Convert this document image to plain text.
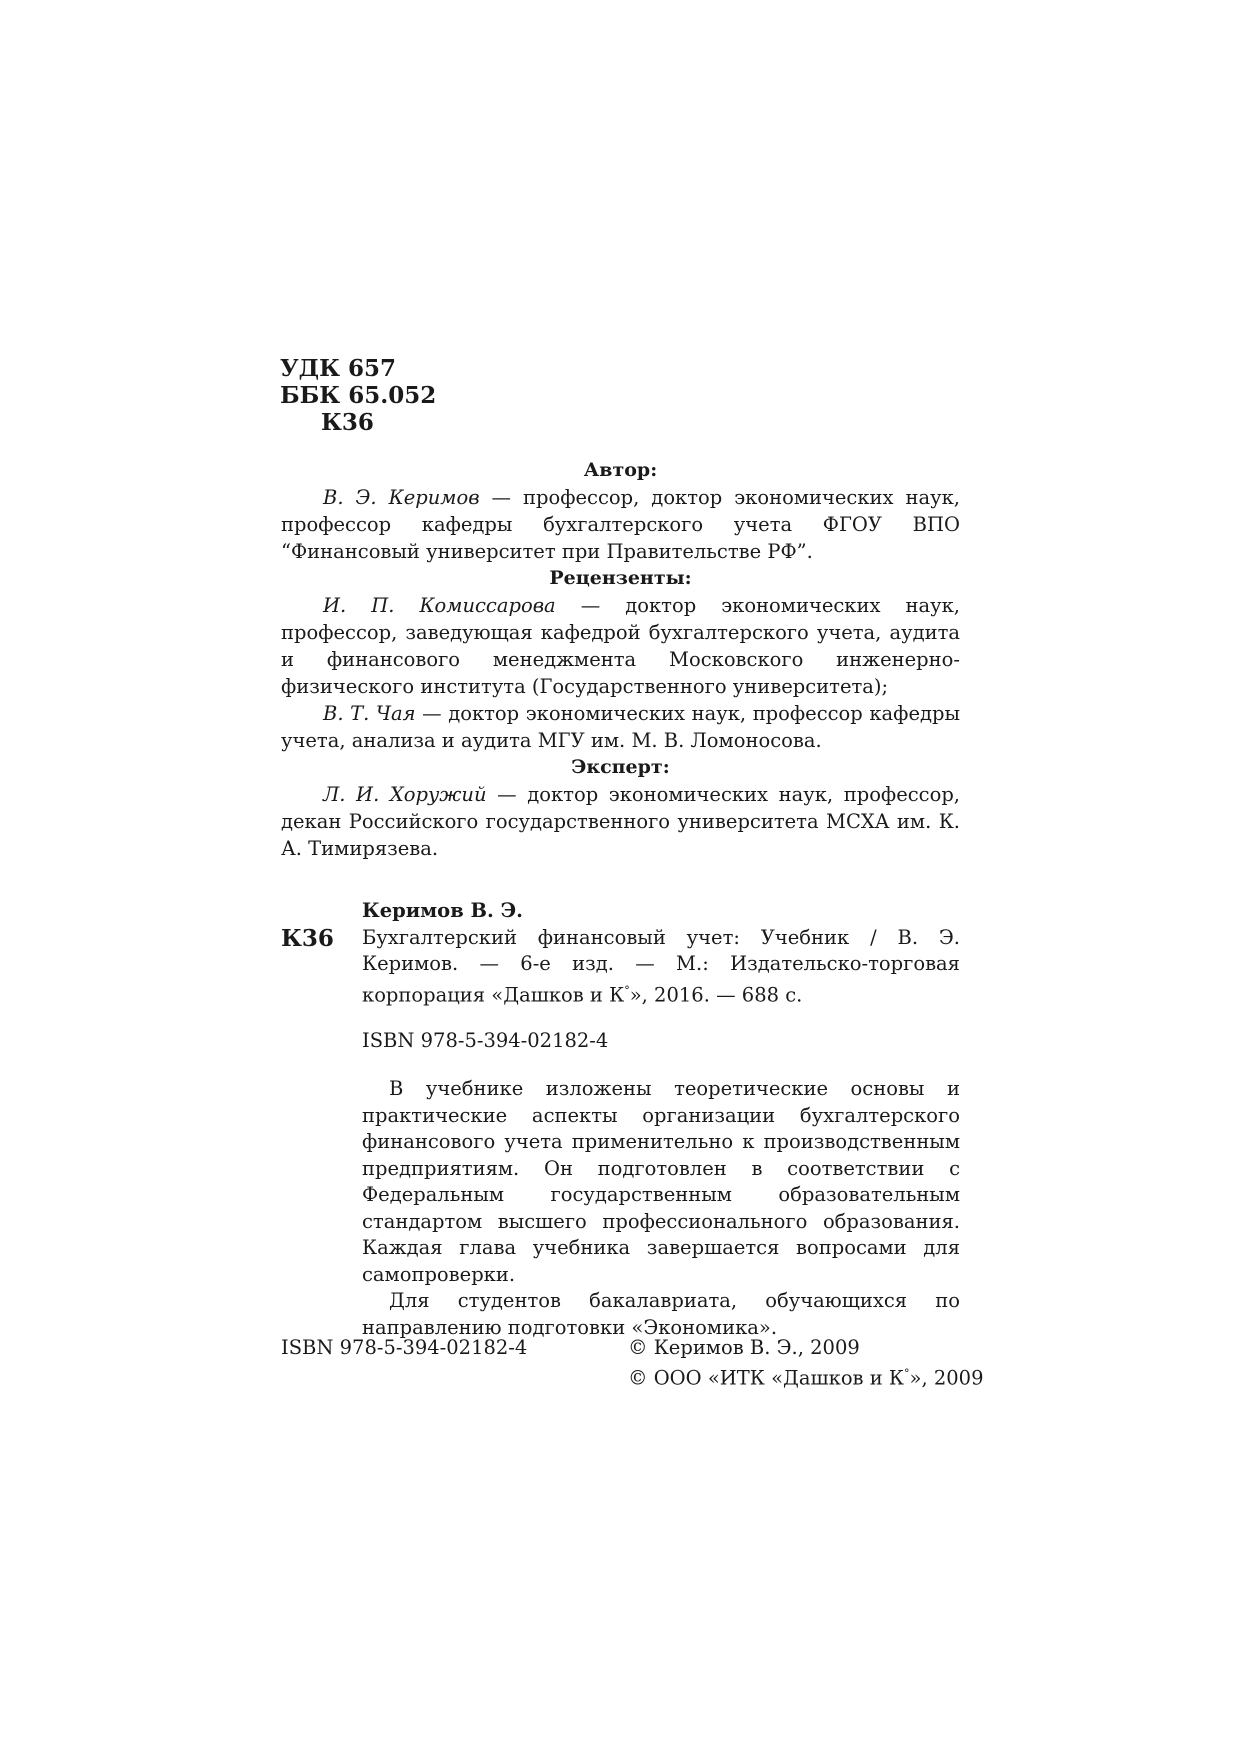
УДК 657
ББК 65.052
К36
Автор:
В. Э. Керимов — профессор, доктор экономических наук, профессор кафедры бухгалтерского учета ФГОУ ВПО “Финансовый университет при Правительстве РФ”.
Рецензенты:
И. П. Комиссарова — доктор экономических наук, профессор, заведующая кафедрой бухгалтерского учета, аудита и финансового менеджмента Московского инженерно-физического института (Государственного университета);
В. Т. Чая — доктор экономических наук, профессор кафедры учета, анализа и аудита МГУ им. М. В. Ломоносова.
Эксперт:
Л. И. Хоружий — доктор экономических наук, профессор, декан Российского государственного университета МСХА им. К. А. Тимирязева.
К36
Керимов В. Э.
Бухгалтерский финансовый учет: Учебник / В. Э. Керимов. — 6-е изд. — М.: Издательско-торговая корпорация «Дашков и К°», 2016. — 688 с.
ISBN 978-5-394-02182-4
В учебнике изложены теоретические основы и практические аспекты организации бухгалтерского финансового учета применительно к производственным предприятиям. Он подготовлен в соответствии с Федеральным государственным образовательным стандартом высшего профессионального образования. Каждая глава учебника завершается вопросами для самопроверки.
Для студентов бакалавриата, обучающихся по направлению подготовки «Экономика».
ISBN 978-5-394-02182-4	© Керимов В. Э., 2009
© ООО «ИТК «Дашков и К°», 2009
